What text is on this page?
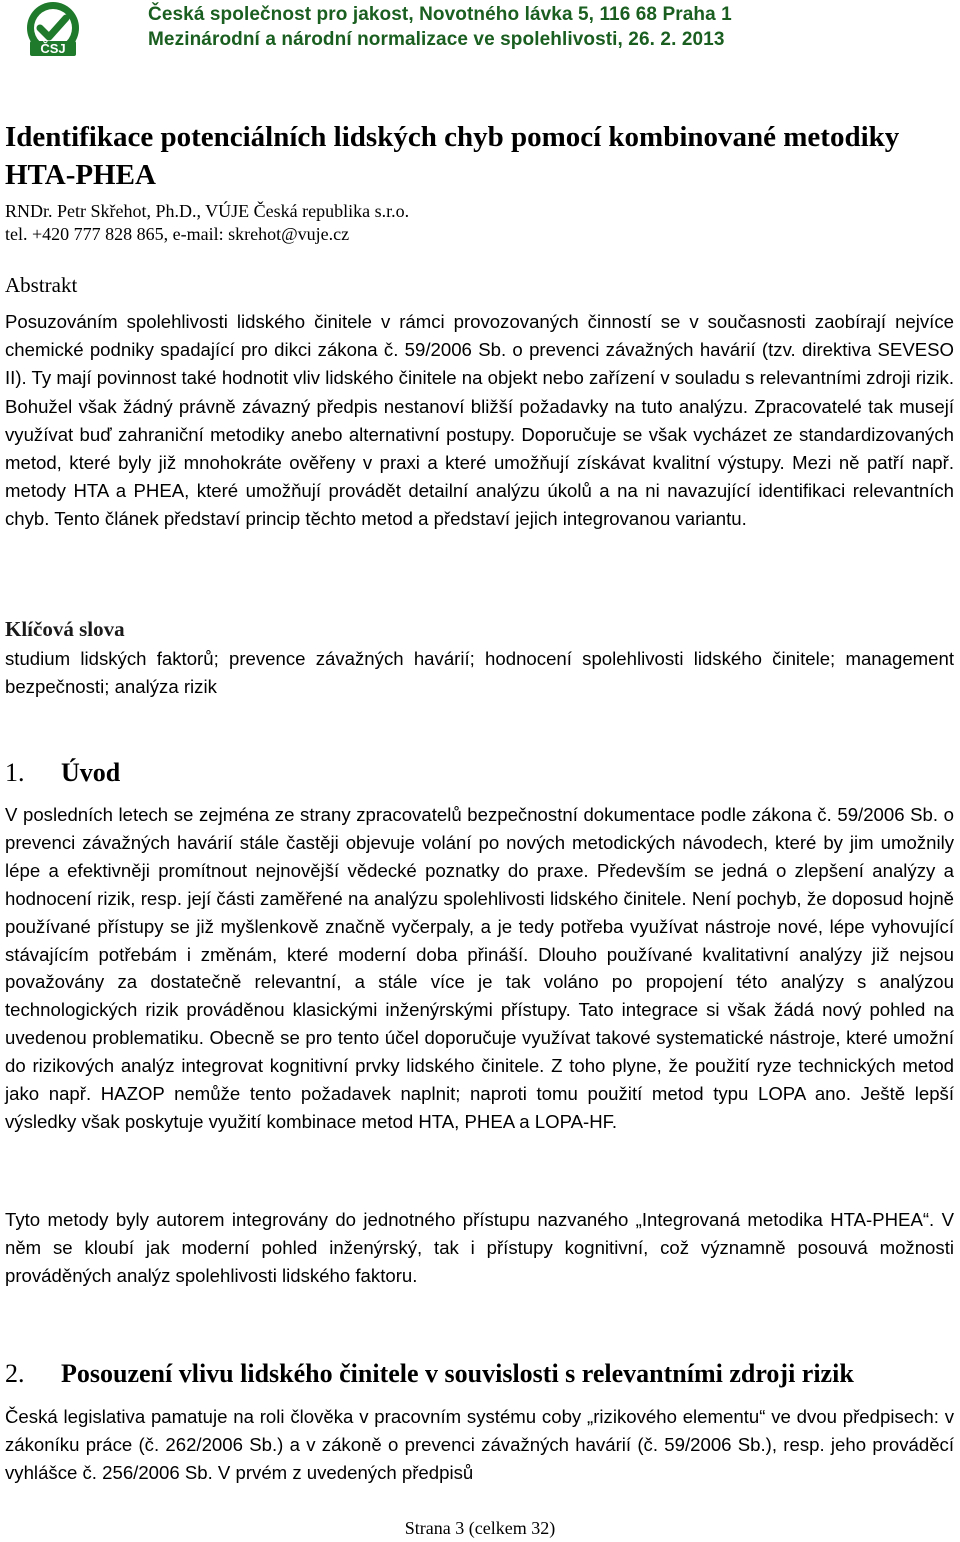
ČSJ
Česká společnost pro jakost, Novotného lávka 5, 116 68 Praha 1
Mezinárodní a národní normalizace ve spolehlivosti, 26. 2. 2013
Identifikace potenciálních lidských chyb pomocí kombinované metodiky HTA-PHEA
RNDr. Petr Skřehot, Ph.D., VÚJE Česká republika s.r.o.
tel. +420 777 828 865, e-mail: skrehot@vuje.cz
Abstrakt

Posuzováním spolehlivosti lidského činitele v rámci provozovaných činností se v současnosti zaobírají nejvíce chemické podniky spadající pro dikci zákona č. 59/2006 Sb. o prevenci závažných havárií (tzv. direktiva SEVESO II). Ty mají povinnost také hodnotit vliv lidského činitele na objekt nebo zařízení v souladu s relevantními zdroji rizik. Bohužel však žádný právně závazný předpis nestanoví bližší požadavky na tuto analýzu. Zpracovatelé tak musejí využívat buď zahraniční metodiky anebo alternativní postupy. Doporučuje se však vycházet ze standardizovaných metod, které byly již mnohokráte ověřeny v praxi a které umožňují získávat kvalitní výstupy. Mezi ně patří např. metody HTA a PHEA, které umožňují provádět detailní analýzu úkolů a na ni navazující identifikaci relevantních chyb. Tento článek představí princip těchto metod a představí jejich integrovanou variantu.

Klíčová slova

studium lidských faktorů; prevence závažných havárií; hodnocení spolehlivosti lidského činitele; management bezpečnosti; analýza rizik

1. Úvod

V posledních letech se zejména ze strany zpracovatelů bezpečnostní dokumentace podle zákona č. 59/2006 Sb. o prevenci závažných havárií stále častěji objevuje volání po nových metodických návodech, které by jim umožnily lépe a efektivněji promítnout nejnovější vědecké poznatky do praxe. Především se jedná o zlepšení analýzy a hodnocení rizik, resp. její části zaměřené na analýzu spolehlivosti lidského činitele. Není pochyb, že doposud hojně používané přístupy se již myšlenkově značně vyčerpaly, a je tedy potřeba využívat nástroje nové, lépe vyhovující stávajícím potřebám i změnám, které moderní doba přináší. Dlouho používané kvalitativní analýzy již nejsou považovány za dostatečně relevantní, a stále více je tak voláno po propojení této analýzy s analýzou technologických rizik prováděnou klasickými inženýrskými přístupy. Tato integrace si však žádá nový pohled na uvedenou problematiku. Obecně se pro tento účel doporučuje využívat takové systematické nástroje, které umožní do rizikových analýz integrovat kognitivní prvky lidského činitele. Z toho plyne, že použití ryze technických metod jako např. HAZOP nemůže tento požadavek naplnit; naproti tomu použití metod typu LOPA ano. Ještě lepší výsledky však poskytuje využití kombinace metod HTA, PHEA a LOPA-HF.

Tyto metody byly autorem integrovány do jednotného přístupu nazvaného „Integrovaná metodika HTA-PHEA“. V něm se kloubí jak moderní pohled inženýrský, tak i přístupy kognitivní, což významně posouvá možnosti prováděných analýz spolehlivosti lidského faktoru.

2. Posouzení vlivu lidského činitele v souvislosti s relevantními zdroji rizik

Česká legislativa pamatuje na roli člověka v pracovním systému coby „rizikového elementu“ ve dvou předpisech: v zákoníku práce (č. 262/2006 Sb.) a v zákoně o prevenci závažných havárií (č. 59/2006 Sb.), resp. jeho prováděcí vyhlášce č. 256/2006 Sb. V prvém z uvedených předpisů

Strana 3 (celkem 32)
